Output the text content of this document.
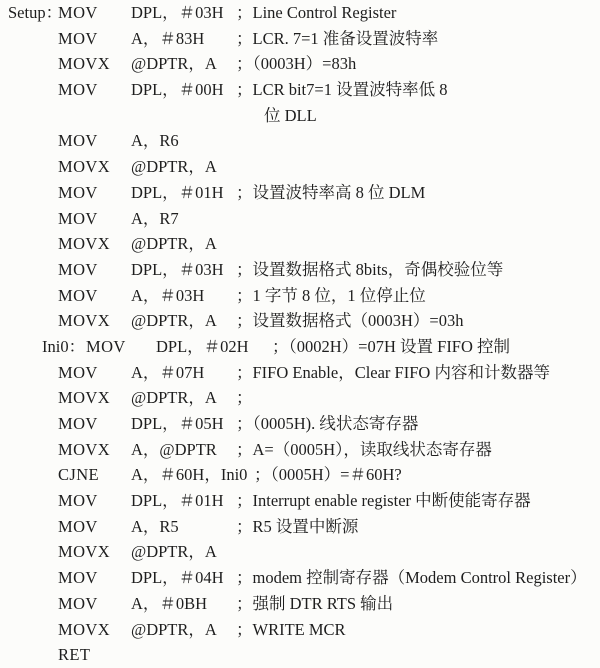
Setup：
MOV DPL，＃03H ；Line Control Register
MOV A，＃83H ；LCR. 7=1 准备设置波特率
MOVX @DPTR，A ；（0003H）=83h
MOV DPL，＃00H ；LCR bit7=1 设置波特率低 8
位 DLL
MOV A，R6
MOVX @DPTR，A
MOV DPL，＃01H ；设置波特率高 8 位 DLM
MOV A，R7
MOVX @DPTR，A
MOV DPL，＃03H ；设置数据格式 8bits，奇偶校验位等
MOV A，＃03H ；1 字节 8 位，1 位停止位
MOVX @DPTR，A ；设置数据格式（0003H）=03h
Ini0： MOV DPL，＃02H ；（0002H）=07H 设置 FIFO 控制
MOV A，＃07H ；FIFO Enable，Clear FIFO 内容和计数器等
MOVX @DPTR，A ；
MOV DPL，＃05H ；（0005H). 线状态寄存器
MOVX A，@DPTR ；A=（0005H），读取线状态寄存器
CJNE A，＃60H，Ini0 ；（0005H）=＃60H?
MOV DPL，＃01H ；Interrupt enable register 中断使能寄存器
MOV A，R5	；R5 设置中断源
MOVX @DPTR，A
MOV DPL，＃04H ；modem 控制寄存器（Modem Control Register）
MOV A，＃0BH ；强制 DTR RTS 输出
MOVX @DPTR，A ；WRITE MCR
RET
